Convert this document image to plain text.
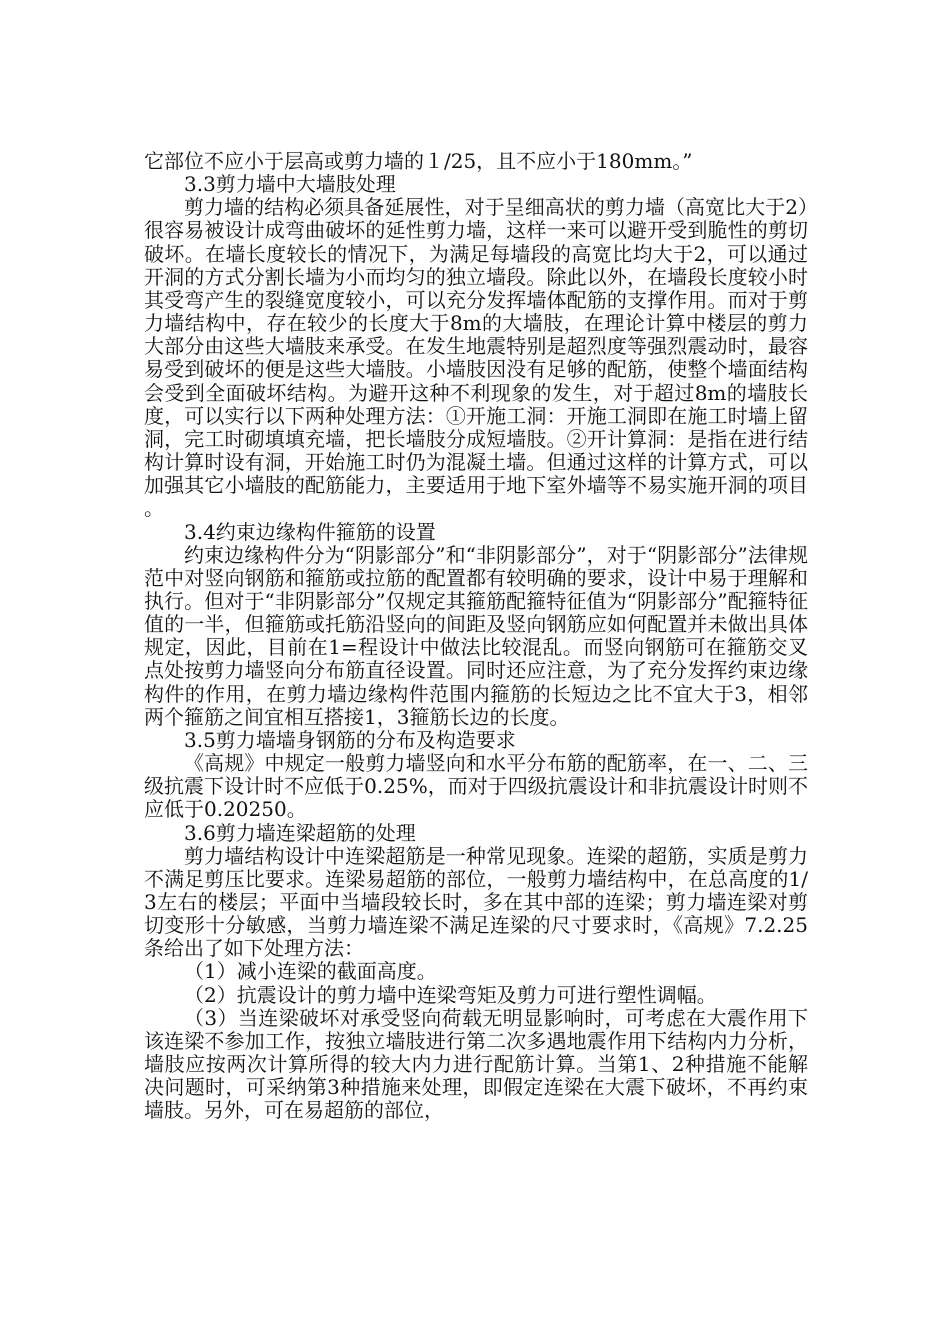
它部位不应小于层高或剪力墙的１/25，且不应小于180mm。”

3.3剪力墙中大墙肢处理

剪力墙的结构必须具备延展性，对于呈细高状的剪力墙（高宽比大于2）很容易被设计成弯曲破坏的延性剪力墙，这样一来可以避开受到脆性的剪切破坏。在墙长度较长的情况下，为满足每墙段的高宽比均大于2，可以通过开洞的方式分割长墙为小而均匀的独立墙段。除此以外，在墙段长度较小时其受弯产生的裂缝宽度较小，可以充分发挥墙体配筋的支撑作用。而对于剪力墙结构中，存在较少的长度大于8m的大墙肢，在理论计算中楼层的剪力大部分由这些大墙肢来承受。在发生地震特别是超烈度等强烈震动时，最容易受到破坏的便是这些大墙肢。小墙肢因没有足够的配筋，使整个墙面结构会受到全面破坏结构。为避开这种不利现象的发生，对于超过8m的墙肢长度，可以实行以下两种处理方法：①开施工洞：开施工洞即在施工时墙上留洞，完工时砌填填充墙，把长墙肢分成短墙肢。②开计算洞：是指在进行结构计算时设有洞，开始施工时仍为混凝土墙。但通过这样的计算方式，可以加强其它小墙肢的配筋能力，主要适用于地下室外墙等不易实施开洞的项目。

3.4约束边缘构件箍筋的设置

约束边缘构件分为“阴影部分”和“非阴影部分”，对于“阴影部分”法律规范中对竖向钢筋和箍筋或拉筋的配置都有较明确的要求，设计中易于理解和执行。但对于“非阴影部分”仅规定其箍筋配箍特征值为“阴影部分”配箍特征值的一半，但箍筋或托筋沿竖向的间距及竖向钢筋应如何配置并未做出具体规定，因此，目前在1=程设计中做法比较混乱。而竖向钢筋可在箍筋交叉点处按剪力墙竖向分布筋直径设置。同时还应注意，为了充分发挥约束边缘构件的作用，在剪力墙边缘构件范围内箍筋的长短边之比不宜大于3，相邻两个箍筋之间宜相互搭接1，3箍筋长边的长度。

3.5剪力墙墙身钢筋的分布及构造要求

《高规》中规定一般剪力墙竖向和水平分布筋的配筋率，在一、二、三级抗震下设计时不应低于0.25%，而对于四级抗震设计和非抗震设计时则不应低于0.20250。

3.6剪力墙连梁超筋的处理

剪力墙结构设计中连梁超筋是一种常见现象。连梁的超筋，实质是剪力不满足剪压比要求。连梁易超筋的部位，一般剪力墙结构中，在总高度的1/3左右的楼层；平面中当墙段较长时，多在其中部的连梁；剪力墙连梁对剪切变形十分敏感，当剪力墙连梁不满足连梁的尺寸要求时，《高规》7.2.25条给出了如下处理方法：

（1）减小连梁的截面高度。

（2）抗震设计的剪力墙中连梁弯矩及剪力可进行塑性调幅。

（3）当连梁破坏对承受竖向荷载无明显影响时，可考虑在大震作用下该连梁不参加工作，按独立墙肢进行第二次多遇地震作用下结构内力分析，墙肢应按两次计算所得的较大内力进行配筋计算。当第1、2种措施不能解决问题时，可采纳第3种措施来处理，即假定连梁在大震下破坏，不再约束墙肢。另外，可在易超筋的部位，
